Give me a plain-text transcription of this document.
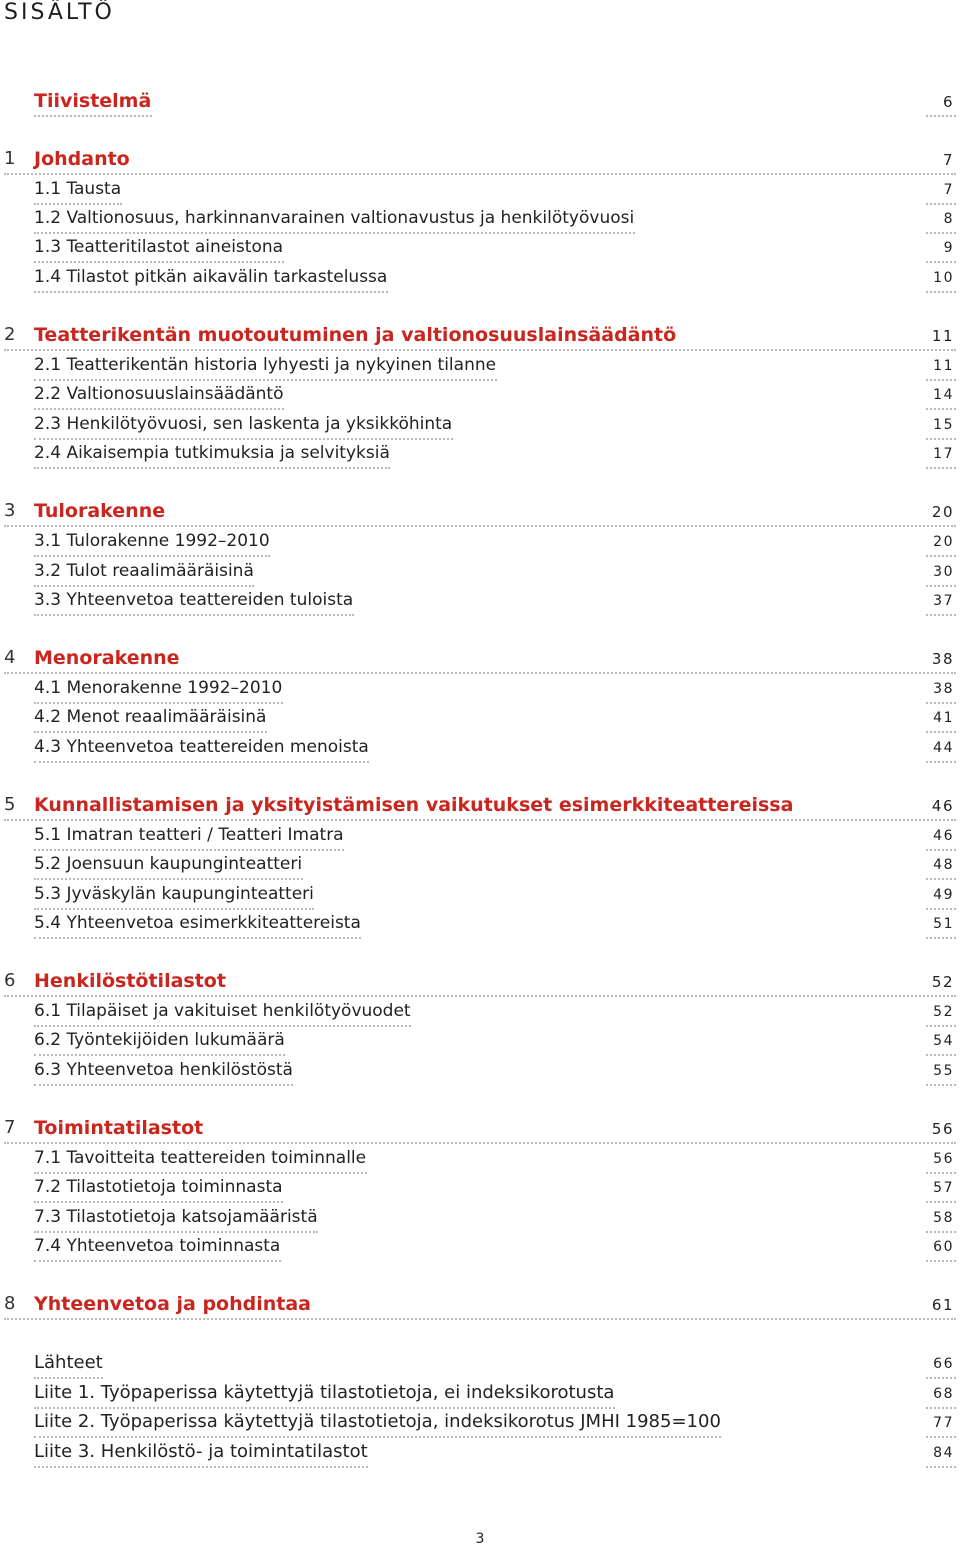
SISÄLTÖ
Tiivistelmä	6
1 Johdanto	7
1.1 Tausta	7
1.2 Valtionosuus, harkinnanvarainen valtionavustus ja henkilötyövuosi	8
1.3 Teatteritilastot aineistona	9
1.4 Tilastot pitkän aikavälin tarkastelussa	10
2 Teatterikentän muotoutuminen ja valtionosuuslainsäädäntö	11
2.1 Teatterikentän historia lyhyesti ja nykyinen tilanne	11
2.2 Valtionosuuslainsäädäntö	14
2.3 Henkilötyövuosi, sen laskenta ja yksikköhinta	15
2.4 Aikaisempia tutkimuksia ja selvityksiä	17
3 Tulorakenne	20
3.1 Tulorakenne 1992–2010	20
3.2 Tulot reaalimääräisinä	30
3.3 Yhteenvetoa teattereiden tuloista	37
4 Menorakenne	38
4.1 Menorakenne 1992–2010	38
4.2 Menot reaalimääräisinä	41
4.3 Yhteenvetoa teattereiden menoista	44
5 Kunnallistamisen ja yksityistämisen vaikutukset esimerkkiteattereissa	46
5.1 Imatran teatteri / Teatteri Imatra	46
5.2 Joensuun kaupunginteatteri	48
5.3 Jyväskylän kaupunginteatteri	49
5.4 Yhteenvetoa esimerkkiteattereista	51
6 Henkilöstötilastot	52
6.1 Tilapäiset ja vakituiset henkilötyövuodet	52
6.2 Työntekijöiden lukumäärä	54
6.3 Yhteenvetoa henkilöstöstä	55
7 Toimintatilastot	56
7.1 Tavoitteita teattereiden toiminnalle	56
7.2 Tilastotietoja toiminnasta	57
7.3 Tilastotietoja katsojamääristä	58
7.4 Yhteenvetoa toiminnasta	60
8 Yhteenvetoa ja pohdintaa	61
Lähteet	66
Liite 1. Työpaperissa käytettyjä tilastotietoja, ei indeksikorotusta	68
Liite 2. Työpaperissa käytettyjä tilastotietoja, indeksikorotus JMHI 1985=100	77
Liite 3. Henkilöstö- ja toimintatilastot	84
3
